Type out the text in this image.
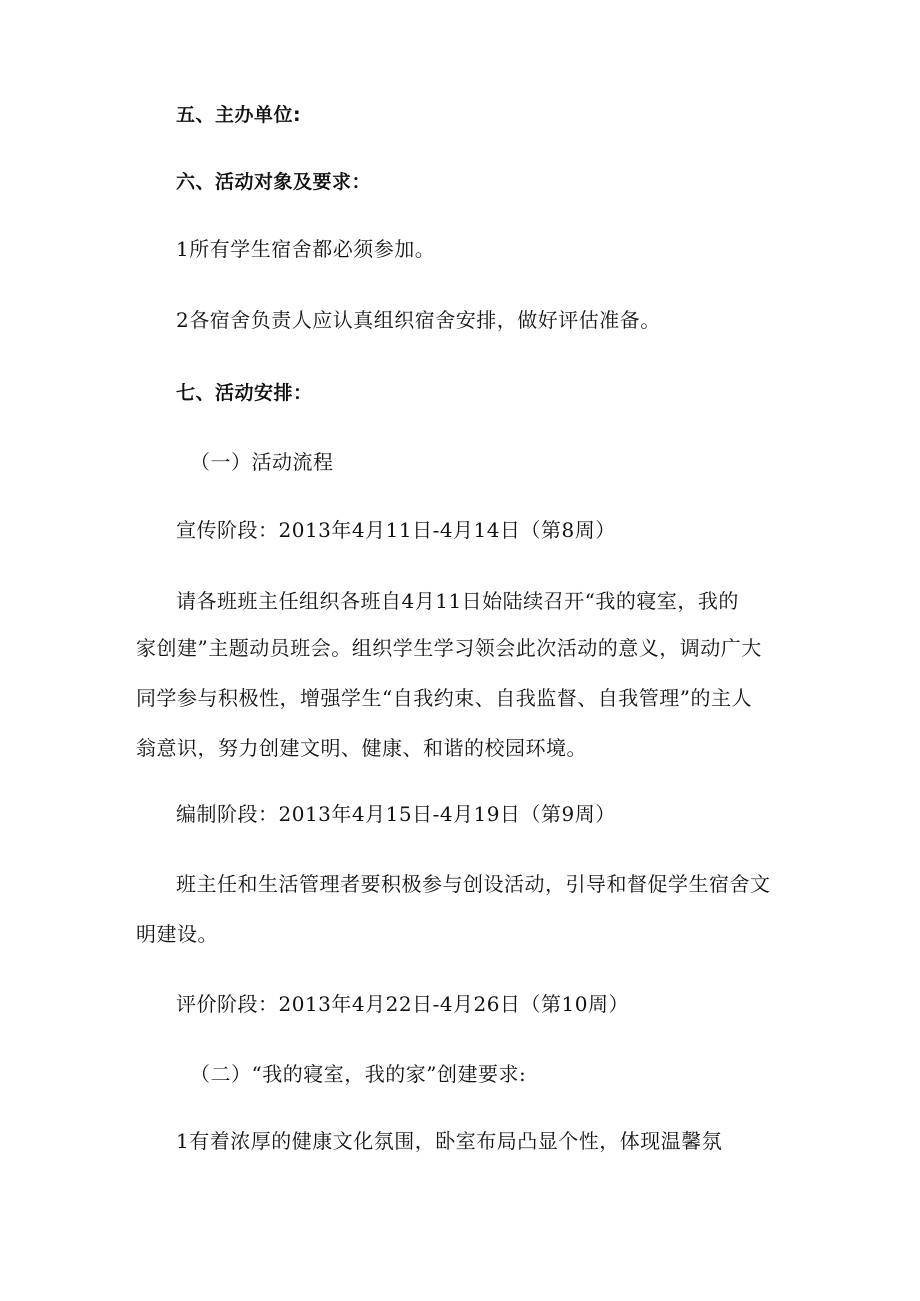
五、主办单位:
六、活动对象及要求：
1所有学生宿舍都必须参加。
2各宿舍负责人应认真组织宿舍安排，做好评估准备。
七、活动安排：
（一）活动流程
宣传阶段：2013年4月11日-4月14日（第8周）
请各班班主任组织各班自4月11日始陆续召开“我的寝室，我的
家创建”主题动员班会。组织学生学习领会此次活动的意义，调动广大
同学参与积极性，增强学生“自我约束、自我监督、自我管理”的主人
翁意识，努力创建文明、健康、和谐的校园环境。
编制阶段：2013年4月15日-4月19日（第9周）
班主任和生活管理者要积极参与创设活动，引导和督促学生宿舍文
明建设。
评价阶段：2013年4月22日-4月26日（第10周）
（二）“我的寝室，我的家”创建要求:
1有着浓厚的健康文化氛围，卧室布局凸显个性，体现温馨氛
